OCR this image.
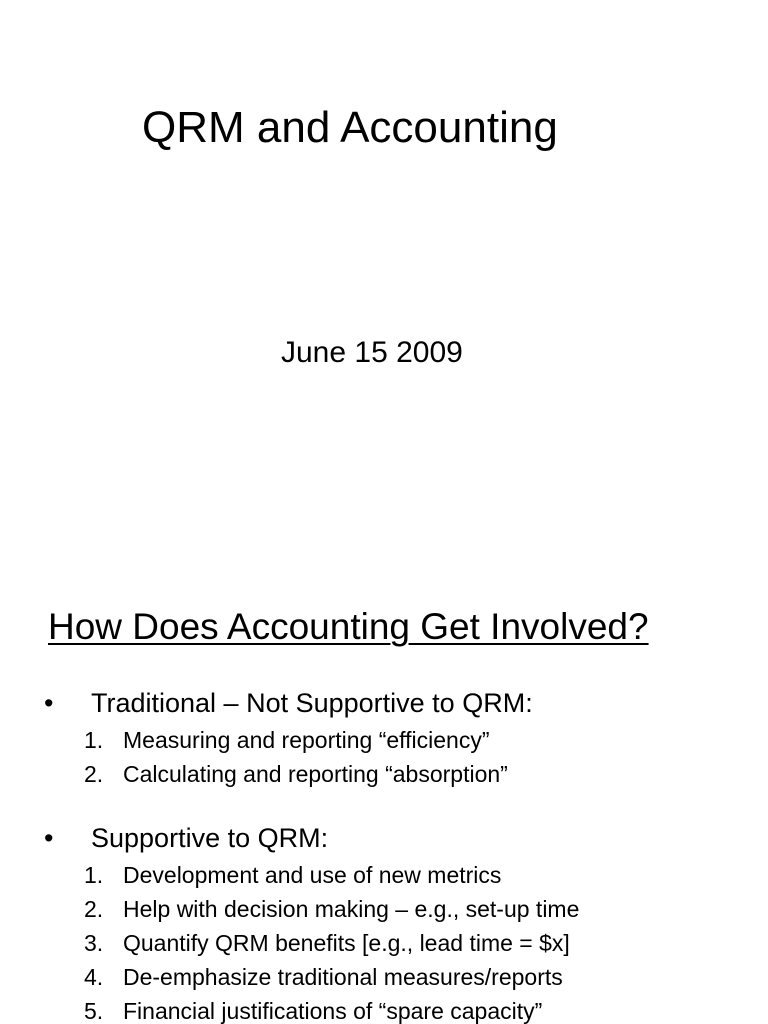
QRM and Accounting
June 15 2009
How Does Accounting Get Involved?
• Traditional – Not Supportive to QRM:
1. Measuring and reporting “efficiency”
2. Calculating and reporting “absorption”
• Supportive to QRM:
1. Development and use of new metrics
2. Help with decision making – e.g., set-up time
3. Quantify QRM benefits [e.g., lead time = $x]
4. De-emphasize traditional measures/reports
5. Financial justifications of “spare capacity”
